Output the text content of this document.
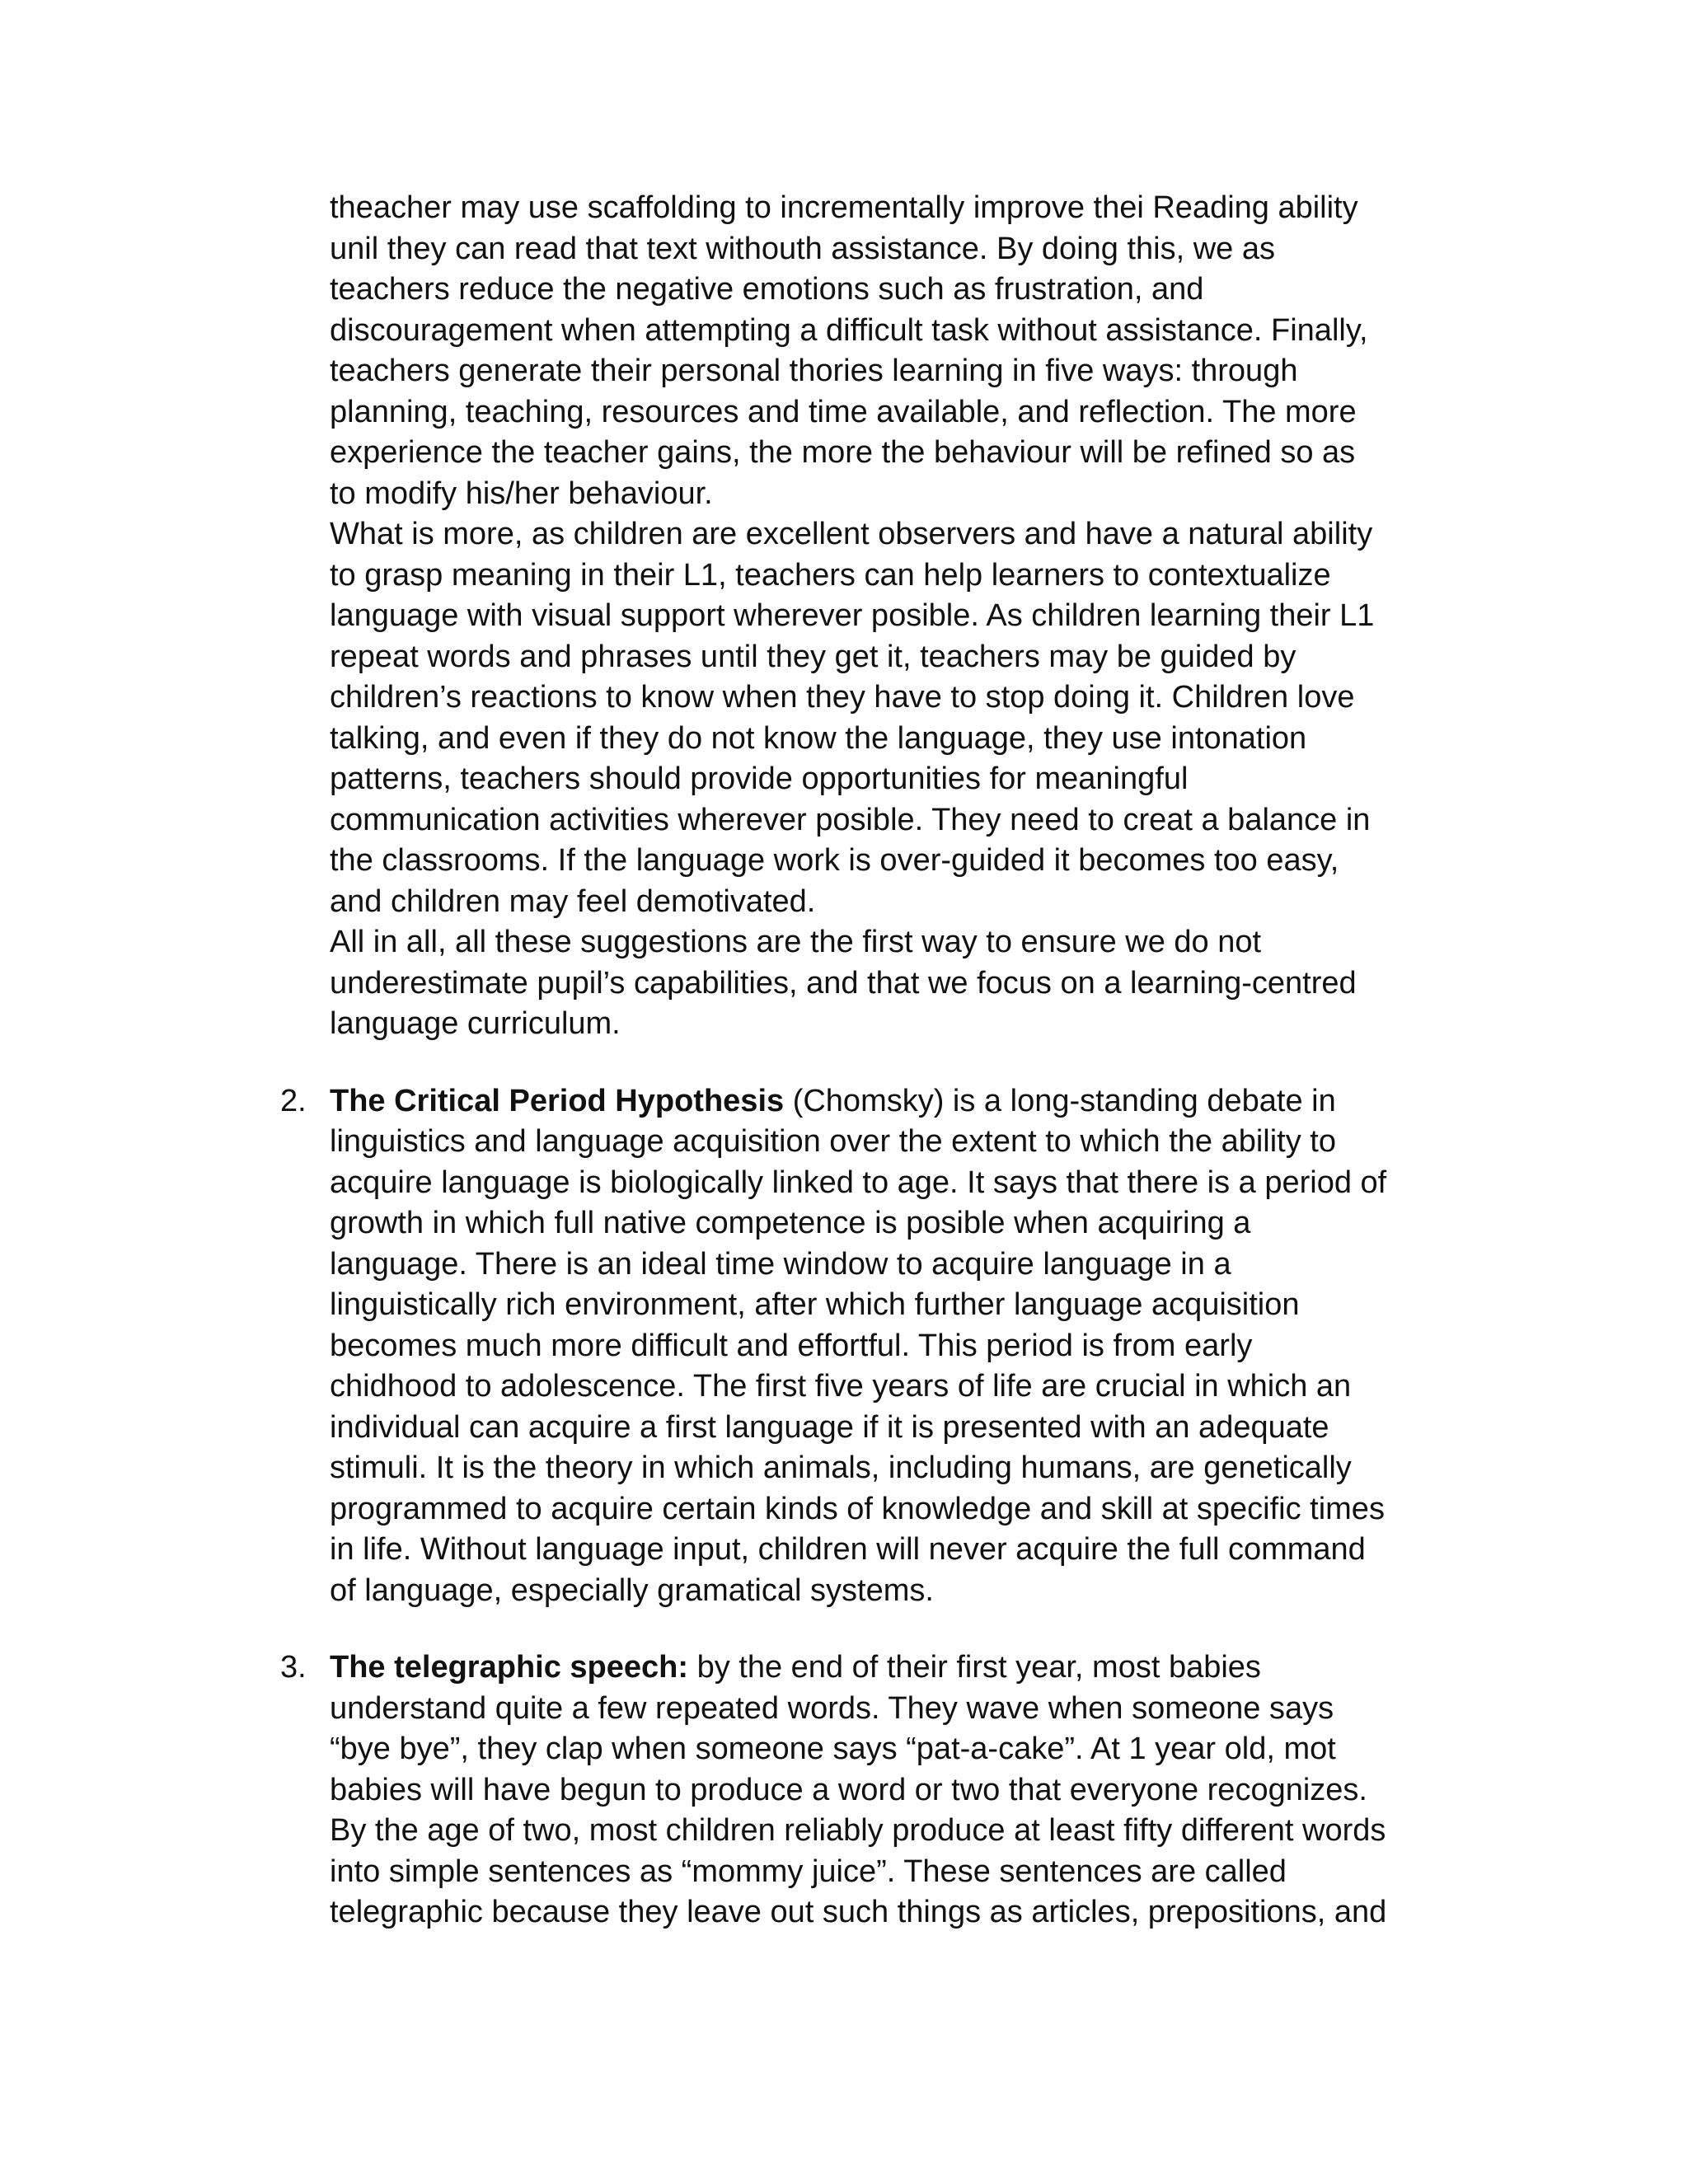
theacher may use scaffolding to incrementally improve thei Reading ability
unil they can read that text withouth assistance. By doing this, we as
teachers reduce the negative emotions such as frustration, and
discouragement when attempting a difficult task without assistance. Finally,
teachers generate their personal thories learning in five ways: through
planning, teaching, resources and time available, and reflection. The more
experience the teacher gains, the more the behaviour will be refined so as
to modify his/her behaviour.
What is more, as children are excellent observers and have a natural ability
to grasp meaning in their L1, teachers can help learners to contextualize
language with visual support wherever posible. As children learning their L1
repeat words and phrases until they get it, teachers may be guided by
children’s reactions to know when they have to stop doing it. Children love
talking, and even if they do not know the language, they use intonation
patterns, teachers should provide opportunities for meaningful
communication activities wherever posible. They need to creat a balance in
the classrooms. If the language work is over-guided it becomes too easy,
and children may feel demotivated.
All in all, all these suggestions are the first way to ensure we do not
underestimate pupil’s capabilities, and that we focus on a learning-centred
language curriculum.
2. The Critical Period Hypothesis (Chomsky) is a long-standing debate in
linguistics and language acquisition over the extent to which the ability to
acquire language is biologically linked to age. It says that there is a period of
growth in which full native competence is posible when acquiring a
language. There is an ideal time window to acquire language in a
linguistically rich environment, after which further language acquisition
becomes much more difficult and effortful. This period is from early
chidhood to adolescence. The first five years of life are crucial in which an
individual can acquire a first language if it is presented with an adequate
stimuli. It is the theory in which animals, including humans, are genetically
programmed to acquire certain kinds of knowledge and skill at specific times
in life. Without language input, children will never acquire the full command
of language, especially gramatical systems.
3. The telegraphic speech: by the end of their first year, most babies
understand quite a few repeated words. They wave when someone says
“bye bye”, they clap when someone says “pat-a-cake”. At 1 year old, mot
babies will have begun to produce a word or two that everyone recognizes.
By the age of two, most children reliably produce at least fifty different words
into simple sentences as “mommy juice”. These sentences are called
telegraphic because they leave out such things as articles, prepositions, and
